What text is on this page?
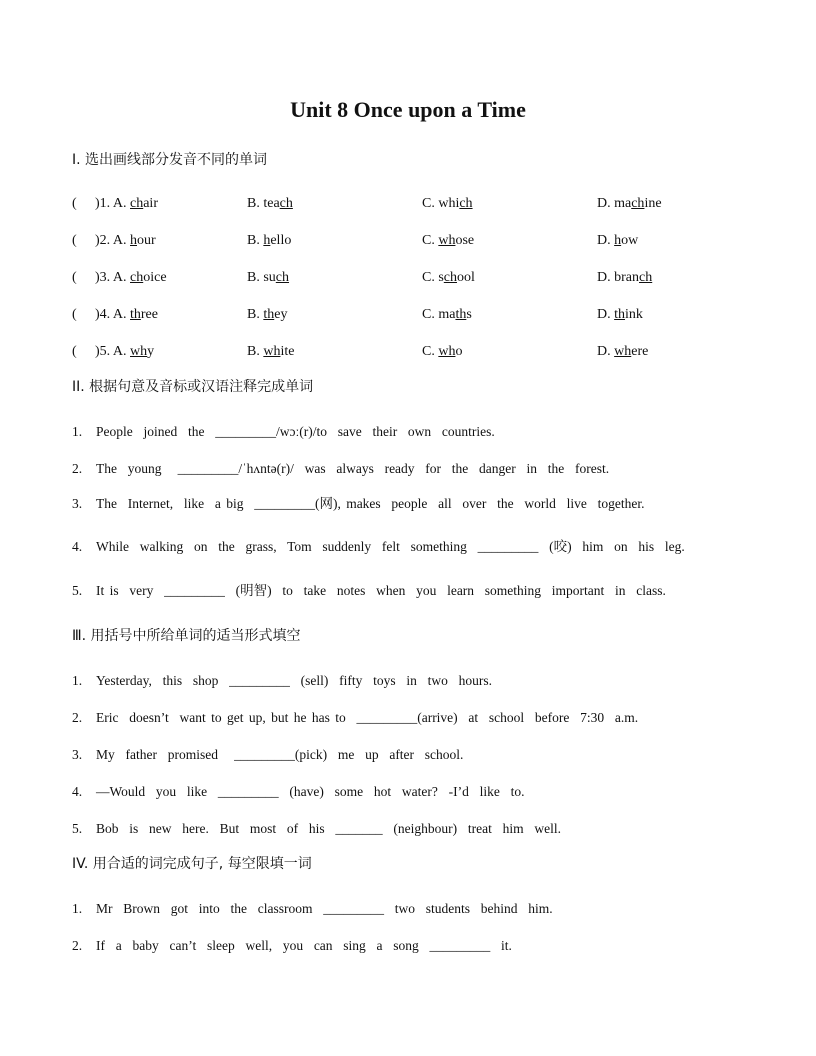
Unit 8 Once upon a Time
I. 选出画线部分发音不同的单词
( )1. A. chair	B. teach	C. which	D. machine
( )2. A. hour	B. hello	C. whose	D. how
( )3. A. choice	B. such	C. school	D. branch
( )4. A. three	B. they	C. maths	D. think
( )5. A. why	B. white	C. who	D. where
II. 根据句意及音标或汉语注释完成单词
1. People  joined  the  _________/wɔː(r)/to  save  their  own  countries.
2. The  young   _________/ˈhʌntə(r)/  was  always  ready  for  the  danger  in  the  forest.
3. The  Internet,  like  a big  _________(网), makes  people  all  over  the  world  live  together.
4. While  walking  on  the  grass,  Tom  suddenly  felt  something  _________  (咬)  him  on  his  leg.
5. It is  very  _________  (明智)  to  take  notes  when  you  learn  something  important  in  class.
Ⅲ. 用括号中所给单词的适当形式填空
1. Yesterday,  this  shop  _________  (sell)  fifty  toys  in  two  hours.
2. Eric  doesn’t  want to get up, but he has to  _________(arrive)  at  school  before  7:30  a.m.
3. My  father  promised   _________(pick)  me  up  after  school.
4. —Would  you  like  _________  (have)  some  hot  water?  -I’d  like  to.
5. Bob  is  new  here.  But  most  of  his  _______  (neighbour)  treat  him  well.
IV. 用合适的词完成句子, 每空限填一词
1. Mr  Brown  got  into  the  classroom  _________  two  students  behind  him.
2. If  a  baby  can’t  sleep  well,  you  can  sing  a  song  _________  it.
